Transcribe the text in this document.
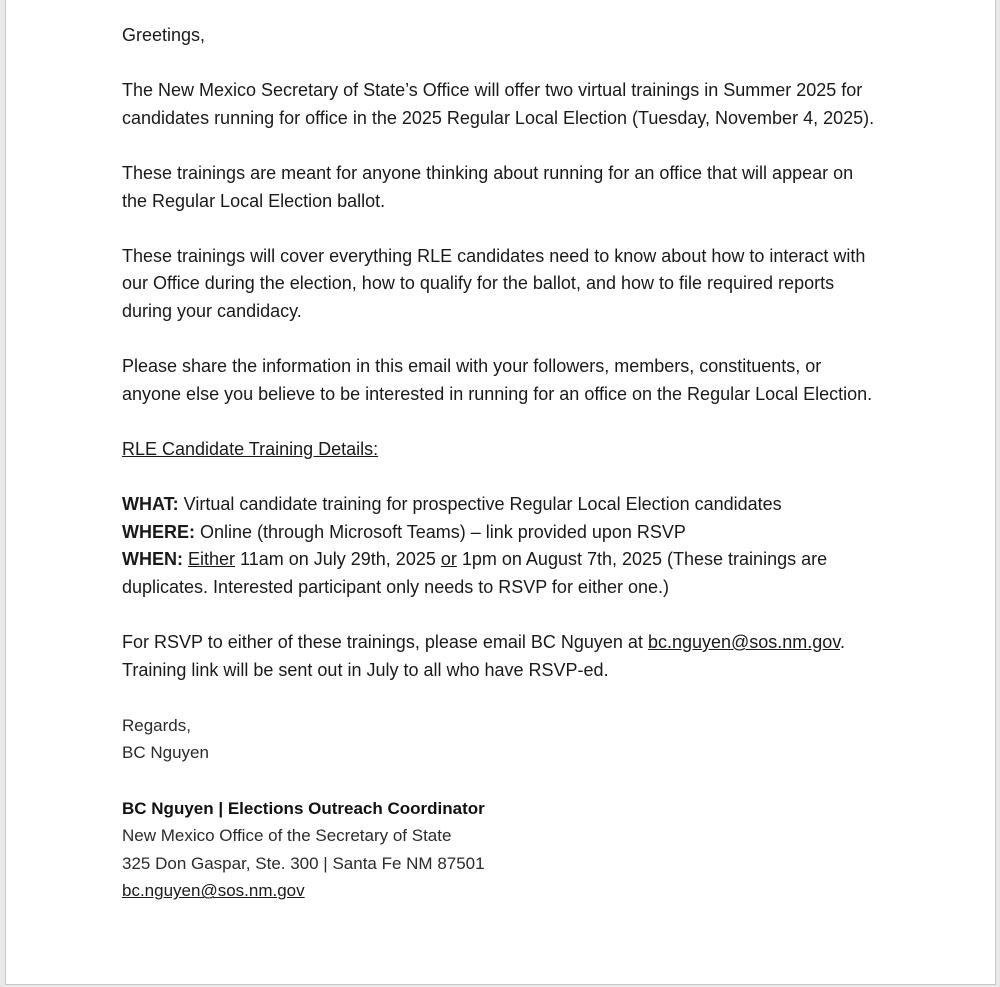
Greetings,

The New Mexico Secretary of State’s Office will offer two virtual trainings in Summer 2025 for candidates running for office in the 2025 Regular Local Election (Tuesday, November 4, 2025).

These trainings are meant for anyone thinking about running for an office that will appear on the Regular Local Election ballot.

These trainings will cover everything RLE candidates need to know about how to interact with our Office during the election, how to qualify for the ballot, and how to file required reports during your candidacy.

Please share the information in this email with your followers, members, constituents, or anyone else you believe to be interested in running for an office on the Regular Local Election.

RLE Candidate Training Details:

WHAT: Virtual candidate training for prospective Regular Local Election candidates
WHERE: Online (through Microsoft Teams) – link provided upon RSVP
WHEN: Either 11am on July 29th, 2025 or 1pm on August 7th, 2025 (These trainings are duplicates. Interested participant only needs to RSVP for either one.)

For RSVP to either of these trainings, please email BC Nguyen at bc.nguyen@sos.nm.gov.
Training link will be sent out in July to all who have RSVP-ed.

Regards,
BC Nguyen

BC Nguyen | Elections Outreach Coordinator
New Mexico Office of the Secretary of State
325 Don Gaspar, Ste. 300 | Santa Fe NM 87501
bc.nguyen@sos.nm.gov
